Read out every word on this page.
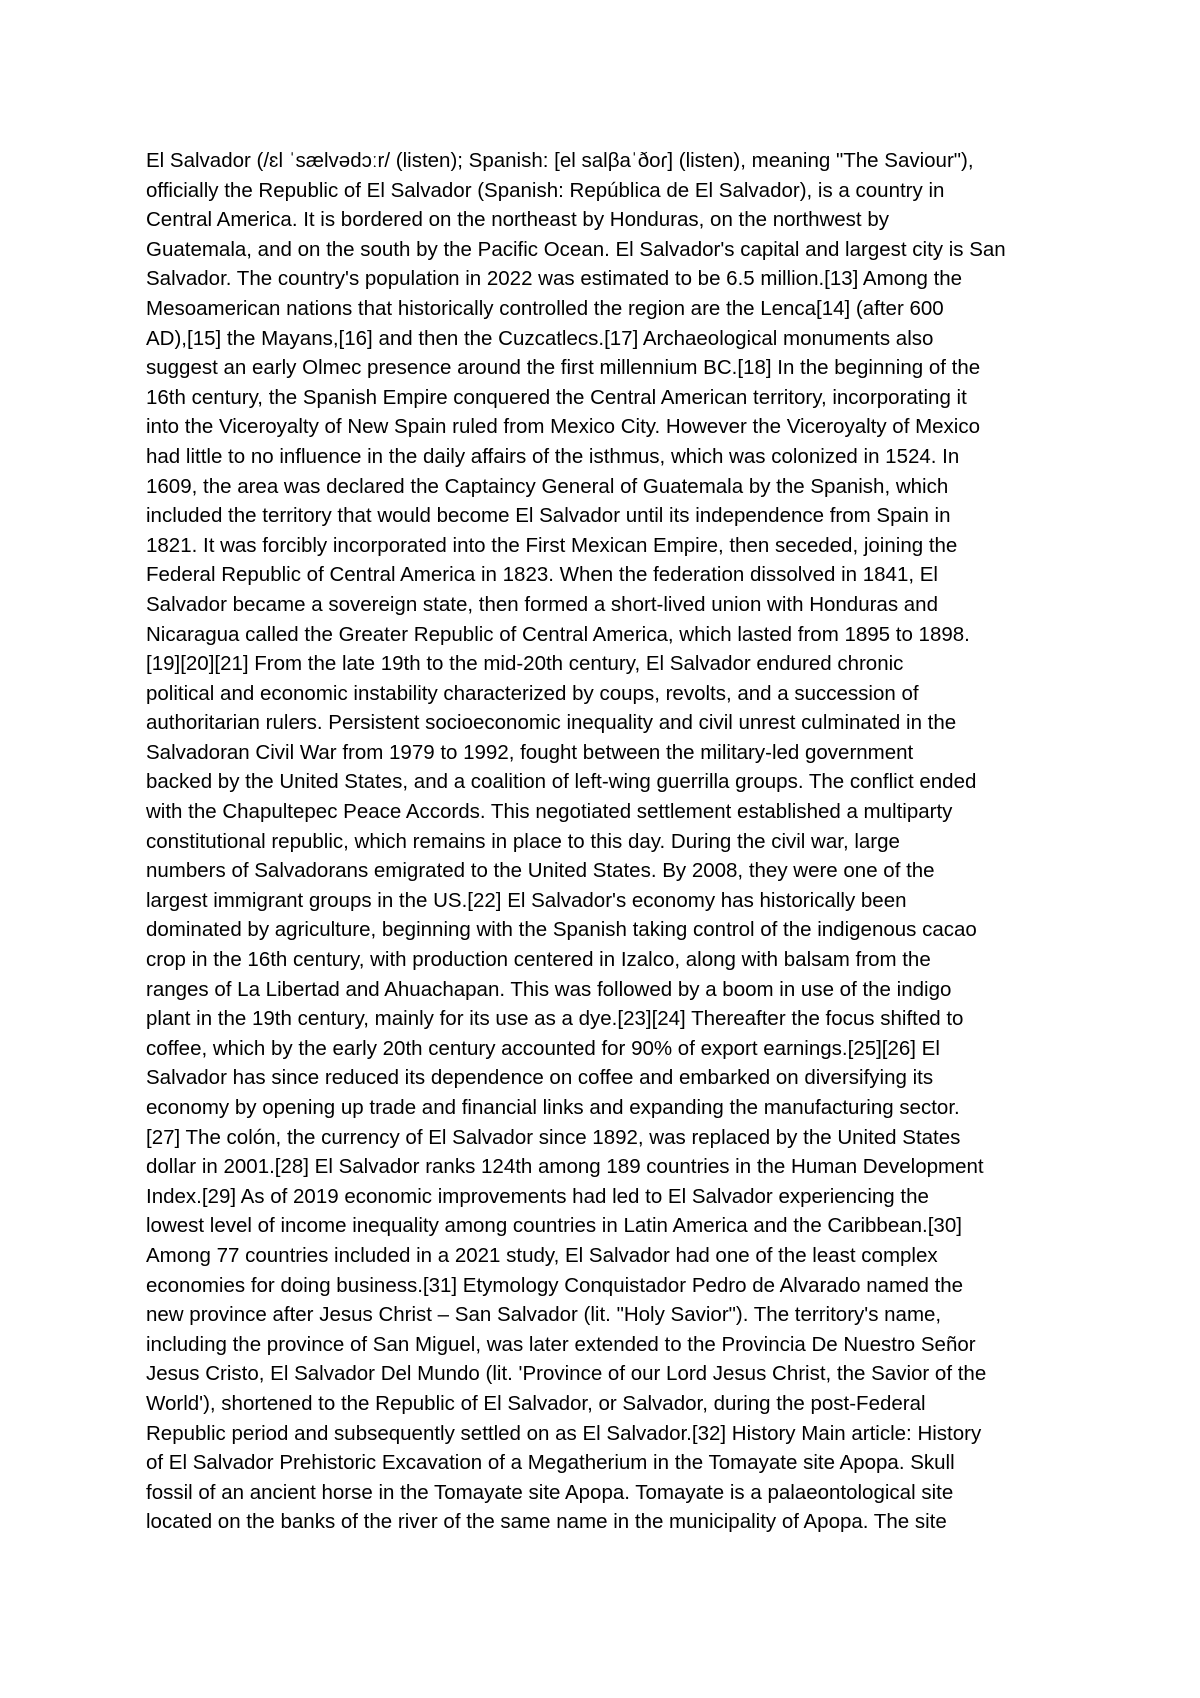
El Salvador (/ɛl ˈsælvədɔːr/ (listen); Spanish: [el salβaˈðoɾ] (listen), meaning "The Saviour"),
officially the Republic of El Salvador (Spanish: República de El Salvador), is a country in
Central America. It is bordered on the northeast by Honduras, on the northwest by
Guatemala, and on the south by the Pacific Ocean. El Salvador's capital and largest city is San
Salvador. The country's population in 2022 was estimated to be 6.5 million.[13] Among the
Mesoamerican nations that historically controlled the region are the Lenca[14] (after 600
AD),[15] the Mayans,[16] and then the Cuzcatlecs.[17] Archaeological monuments also
suggest an early Olmec presence around the first millennium BC.[18] In the beginning of the
16th century, the Spanish Empire conquered the Central American territory, incorporating it
into the Viceroyalty of New Spain ruled from Mexico City. However the Viceroyalty of Mexico
had little to no influence in the daily affairs of the isthmus, which was colonized in 1524. In
1609, the area was declared the Captaincy General of Guatemala by the Spanish, which
included the territory that would become El Salvador until its independence from Spain in
1821. It was forcibly incorporated into the First Mexican Empire, then seceded, joining the
Federal Republic of Central America in 1823. When the federation dissolved in 1841, El
Salvador became a sovereign state, then formed a short-lived union with Honduras and
Nicaragua called the Greater Republic of Central America, which lasted from 1895 to 1898.
[19][20][21] From the late 19th to the mid-20th century, El Salvador endured chronic
political and economic instability characterized by coups, revolts, and a succession of
authoritarian rulers. Persistent socioeconomic inequality and civil unrest culminated in the
Salvadoran Civil War from 1979 to 1992, fought between the military-led government
backed by the United States, and a coalition of left-wing guerrilla groups. The conflict ended
with the Chapultepec Peace Accords. This negotiated settlement established a multiparty
constitutional republic, which remains in place to this day. During the civil war, large
numbers of Salvadorans emigrated to the United States. By 2008, they were one of the
largest immigrant groups in the US.[22] El Salvador's economy has historically been
dominated by agriculture, beginning with the Spanish taking control of the indigenous cacao
crop in the 16th century, with production centered in Izalco, along with balsam from the
ranges of La Libertad and Ahuachapan. This was followed by a boom in use of the indigo
plant in the 19th century, mainly for its use as a dye.[23][24] Thereafter the focus shifted to
coffee, which by the early 20th century accounted for 90% of export earnings.[25][26] El
Salvador has since reduced its dependence on coffee and embarked on diversifying its
economy by opening up trade and financial links and expanding the manufacturing sector.
[27] The colón, the currency of El Salvador since 1892, was replaced by the United States
dollar in 2001.[28] El Salvador ranks 124th among 189 countries in the Human Development
Index.[29] As of 2019 economic improvements had led to El Salvador experiencing the
lowest level of income inequality among countries in Latin America and the Caribbean.[30]
Among 77 countries included in a 2021 study, El Salvador had one of the least complex
economies for doing business.[31] Etymology Conquistador Pedro de Alvarado named the
new province after Jesus Christ – San Salvador (lit. "Holy Savior"). The territory's name,
including the province of San Miguel, was later extended to the Provincia De Nuestro Señor
Jesus Cristo, El Salvador Del Mundo (lit. 'Province of our Lord Jesus Christ, the Savior of the
World'), shortened to the Republic of El Salvador, or Salvador, during the post-Federal
Republic period and subsequently settled on as El Salvador.[32] History Main article: History
of El Salvador Prehistoric Excavation of a Megatherium in the Tomayate site Apopa. Skull
fossil of an ancient horse in the Tomayate site Apopa. Tomayate is a palaeontological site
located on the banks of the river of the same name in the municipality of Apopa. The site
